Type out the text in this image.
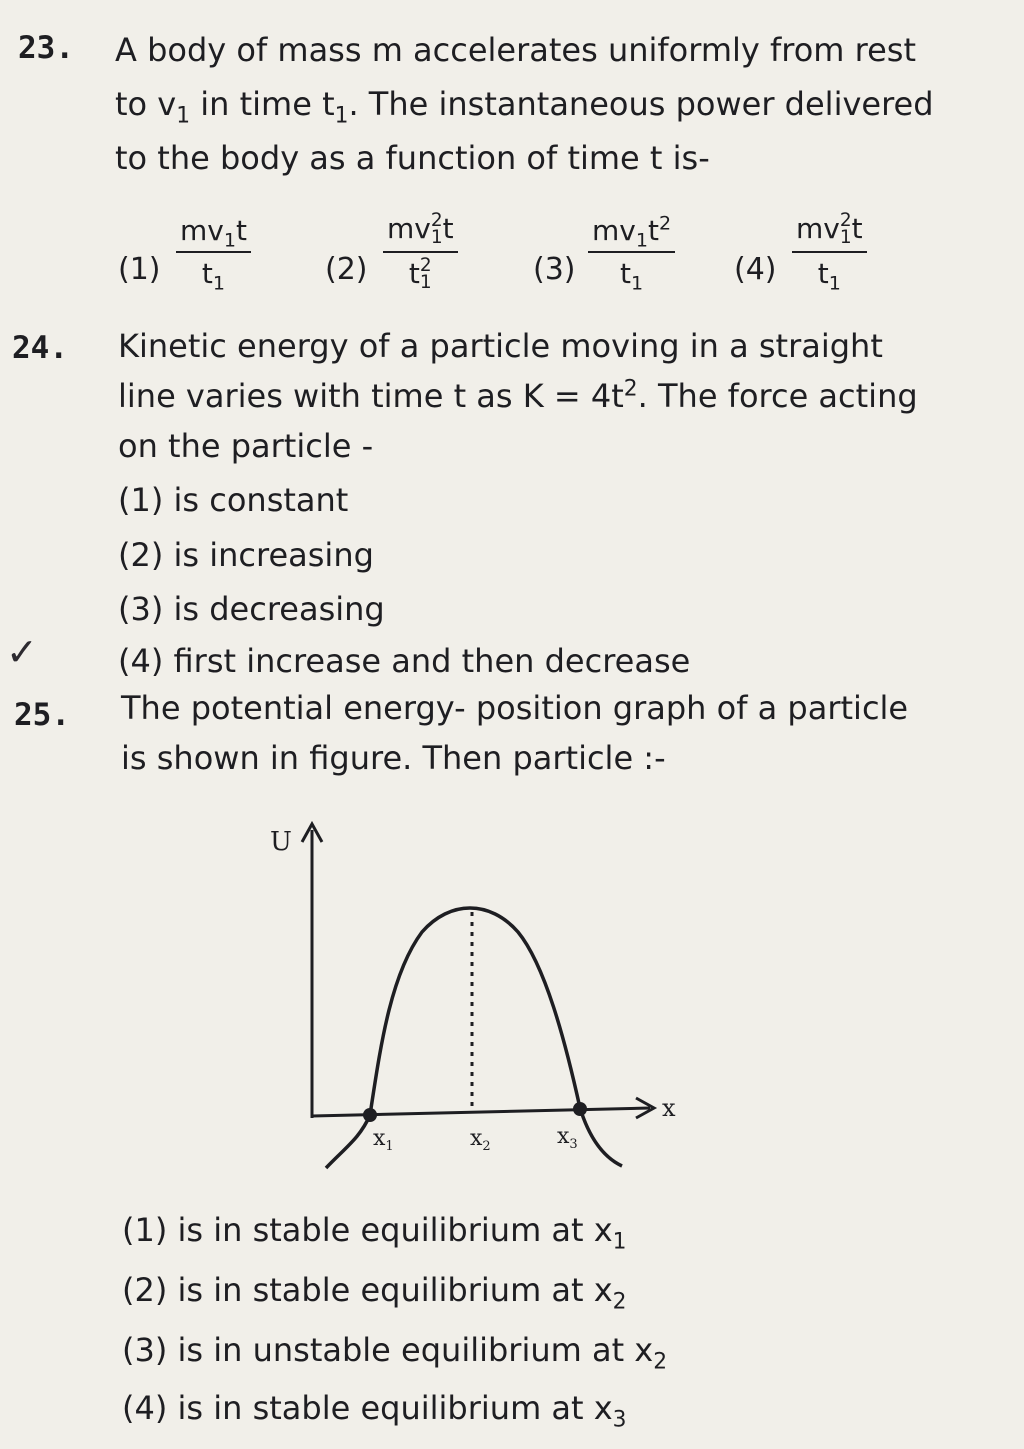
23. A body of mass m accelerates uniformly from rest
to $v_1$ in time $t_1$. The instantaneous power delivered
to the body as a function of time t is-
$(1) \frac{mv_1t}{t_1} (2)$ mv 2
1 t
t 2
1	$(3) \frac{mv_1t^2}{t_1} (4)$ mv 2
1 t
$t_1$
24. Kinetic energy of a particle moving in a straight
line varies with time t as $K = 4t^2$. The force acting
on the particle -
(1) is constant
(2) is increasing
(3) is decreasing
✓	(4) first increase and then decrease
25. The potential energy- position graph of a particle
is shown in figure. Then particle :-
U
x
$x_1$	$x_2$	$x_3$
(1) is in stable equilibrium at $x_1$
(2) is in stable equilibrium at $x_2$
(3) is in unstable equilibrium at $x_2$
(4) is in stable equilibrium at $x_3$
